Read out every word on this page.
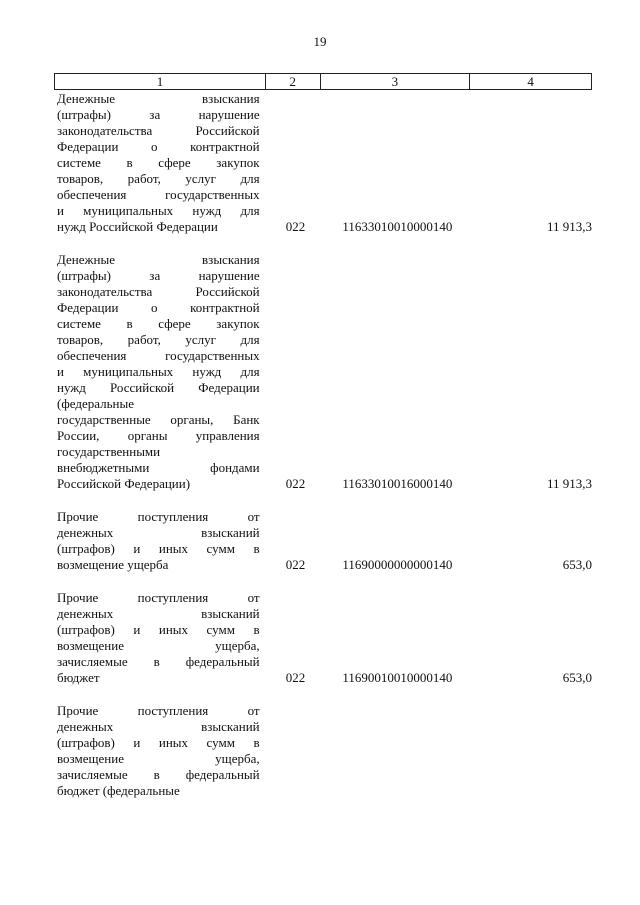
19
1	2	3	4
Денежные взыскания
(штрафы) за нарушение
законодательства Российской
Федерации о контрактной
системе в сфере закупок
товаров, работ, услуг для
обеспечения государственных
и муниципальных нужд для
нужд Российской Федерации	022	11633010010000140	11 913,3
Денежные взыскания
(штрафы) за нарушение
законодательства Российской
Федерации о контрактной
системе в сфере закупок
товаров, работ, услуг для
обеспечения государственных
и муниципальных нужд для
нужд Российской Федерации
(федеральные
государственные органы, Банк
России, органы управления
государственными
внебюджетными фондами
Российской Федерации)	022	11633010016000140	11 913,3
Прочие поступления от
денежных взысканий
(штрафов) и иных сумм в
возмещение ущерба	022	11690000000000140	653,0
Прочие поступления от
денежных взысканий
(штрафов) и иных сумм в
возмещение ущерба,
зачисляемые в федеральный
бюджет	022	11690010010000140	653,0
Прочие поступления от
денежных взысканий
(штрафов) и иных сумм в
возмещение ущерба,
зачисляемые в федеральный
бюджет (федеральные
